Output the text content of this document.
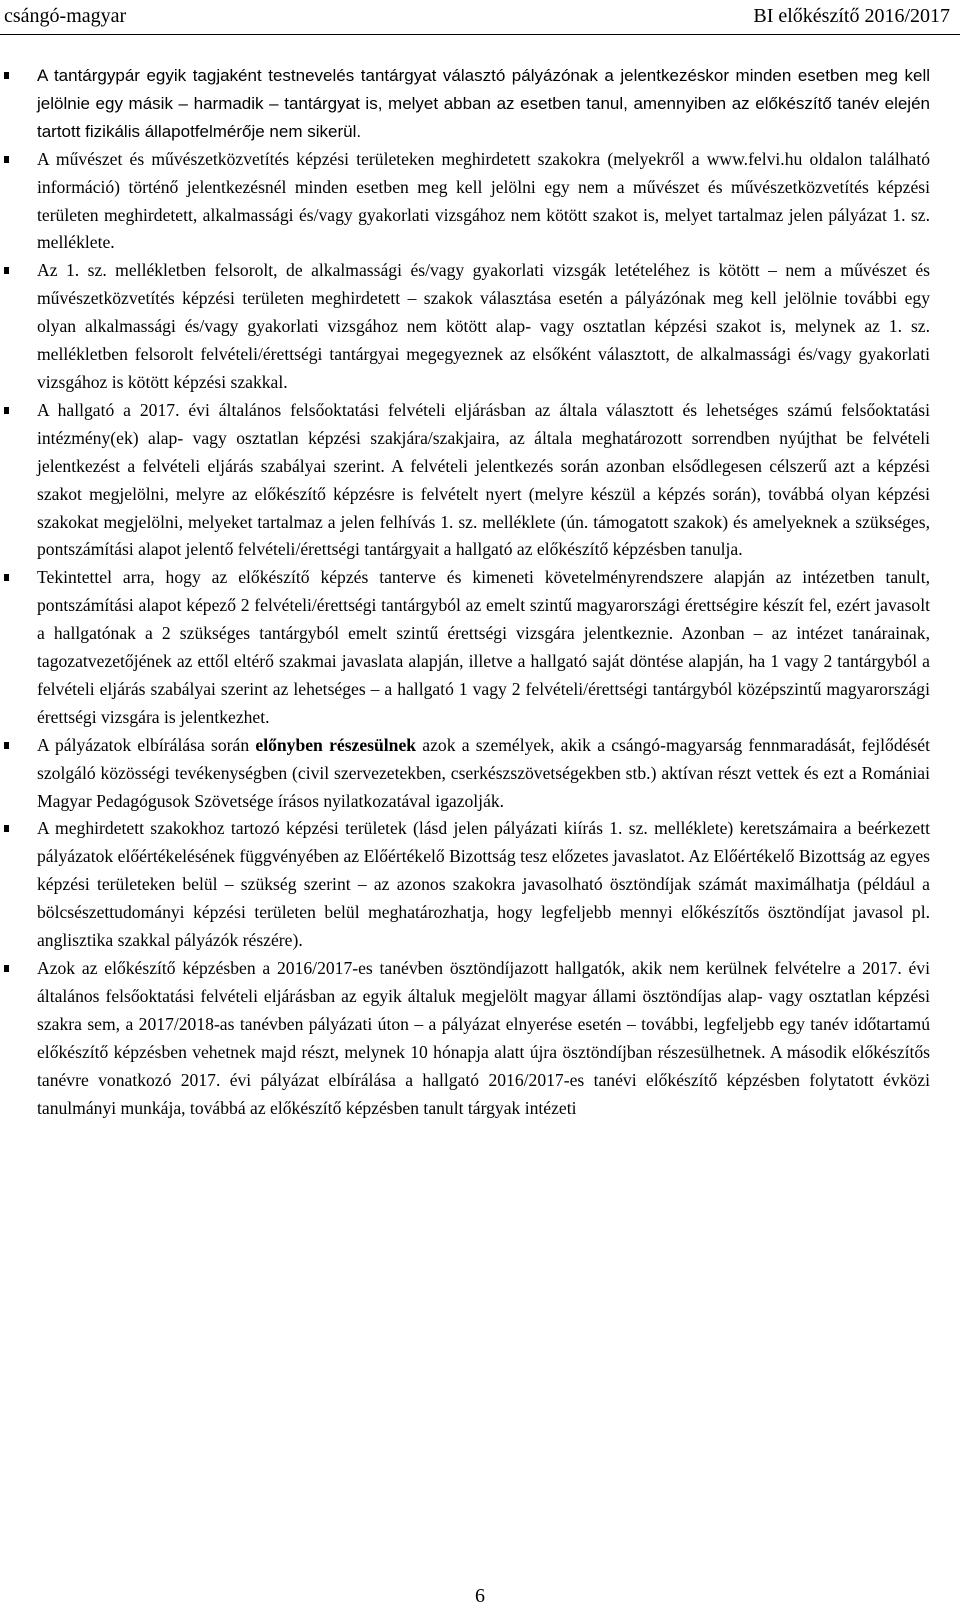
csángó-magyar	BI előkészítő 2016/2017
A tantárgypár egyik tagjaként testnevelés tantárgyat választó pályázónak a jelentkezéskor minden esetben meg kell jelölnie egy másik – harmadik – tantárgyat is, melyet abban az esetben tanul, amennyiben az előkészítő tanév elején tartott fizikális állapotfelmérője nem sikerül.
A művészet és művészetközvetítés képzési területeken meghirdetett szakokra (melyekről a www.felvi.hu oldalon található információ) történő jelentkezésnél minden esetben meg kell jelölni egy nem a művészet és művészetközvetítés képzési területen meghirdetett, alkalmassági és/vagy gyakorlati vizsgához nem kötött szakot is, melyet tartalmaz jelen pályázat 1. sz. melléklete.
Az 1. sz. mellékletben felsorolt, de alkalmassági és/vagy gyakorlati vizsgák letételéhez is kötött – nem a művészet és művészetközvetítés képzési területen meghirdetett – szakok választása esetén a pályázónak meg kell jelölnie további egy olyan alkalmassági és/vagy gyakorlati vizsgához nem kötött alap- vagy osztatlan képzési szakot is, melynek az 1. sz. mellékletben felsorolt felvételi/érettségi tantárgyai megegyeznek az elsőként választott, de alkalmassági és/vagy gyakorlati vizsgához is kötött képzési szakkal.
A hallgató a 2017. évi általános felsőoktatási felvételi eljárásban az általa választott és lehetséges számú felsőoktatási intézmény(ek) alap- vagy osztatlan képzési szakjára/szakjaira, az általa meghatározott sorrendben nyújthat be felvételi jelentkezést a felvételi eljárás szabályai szerint. A felvételi jelentkezés során azonban elsődlegesen célszerű azt a képzési szakot megjelölni, melyre az előkészítő képzésre is felvételt nyert (melyre készül a képzés során), továbbá olyan képzési szakokat megjelölni, melyeket tartalmaz a jelen felhívás 1. sz. melléklete (ún. támogatott szakok) és amelyeknek a szükséges, pontszámítási alapot jelentő felvételi/érettségi tantárgyait a hallgató az előkészítő képzésben tanulja.
Tekintettel arra, hogy az előkészítő képzés tanterve és kimeneti követelményrendszere alapján az intézetben tanult, pontszámítási alapot képező 2 felvételi/érettségi tantárgyból az emelt szintű magyarországi érettségire készít fel, ezért javasolt a hallgatónak a 2 szükséges tantárgyból emelt szintű érettségi vizsgára jelentkeznie. Azonban – az intézet tanárainak, tagozatvezetőjének az ettől eltérő szakmai javaslata alapján, illetve a hallgató saját döntése alapján, ha 1 vagy 2 tantárgyból a felvételi eljárás szabályai szerint az lehetséges – a hallgató 1 vagy 2 felvételi/érettségi tantárgyból középszintű magyarországi érettségi vizsgára is jelentkezhet.
A pályázatok elbírálása során előnyben részesülnek azok a személyek, akik a csángó-magyarság fennmaradását, fejlődését szolgáló közösségi tevékenységben (civil szervezetekben, cserkészszövetségekben stb.) aktívan részt vettek és ezt a Romániai Magyar Pedagógusok Szövetsége írásos nyilatkozatával igazolják.
A meghirdetett szakokhoz tartozó képzési területek (lásd jelen pályázati kiírás 1. sz. melléklete) keretszámaira a beérkezett pályázatok előértékelésének függvényében az Előértékelő Bizottság tesz előzetes javaslatot. Az Előértékelő Bizottság az egyes képzési területeken belül – szükség szerint – az azonos szakokra javasolható ösztöndíjak számát maximálhatja (például a bölcsészettudományi képzési területen belül meghatározhatja, hogy legfeljebb mennyi előkészítős ösztöndíjat javasol pl. anglisztika szakkal pályázók részére).
Azok az előkészítő képzésben a 2016/2017-es tanévben ösztöndíjazott hallgatók, akik nem kerülnek felvételre a 2017. évi általános felsőoktatási felvételi eljárásban az egyik általuk megjelölt magyar állami ösztöndíjas alap- vagy osztatlan képzési szakra sem, a 2017/2018-as tanévben pályázati úton – a pályázat elnyerése esetén – további, legfeljebb egy tanév időtartamú előkészítő képzésben vehetnek majd részt, melynek 10 hónapja alatt újra ösztöndíjban részesülhetnek. A második előkészítős tanévre vonatkozó 2017. évi pályázat elbírálása a hallgató 2016/2017-es tanévi előkészítő képzésben folytatott évközi tanulmányi munkája, továbbá az előkészítő képzésben tanult tárgyak intézeti
6
